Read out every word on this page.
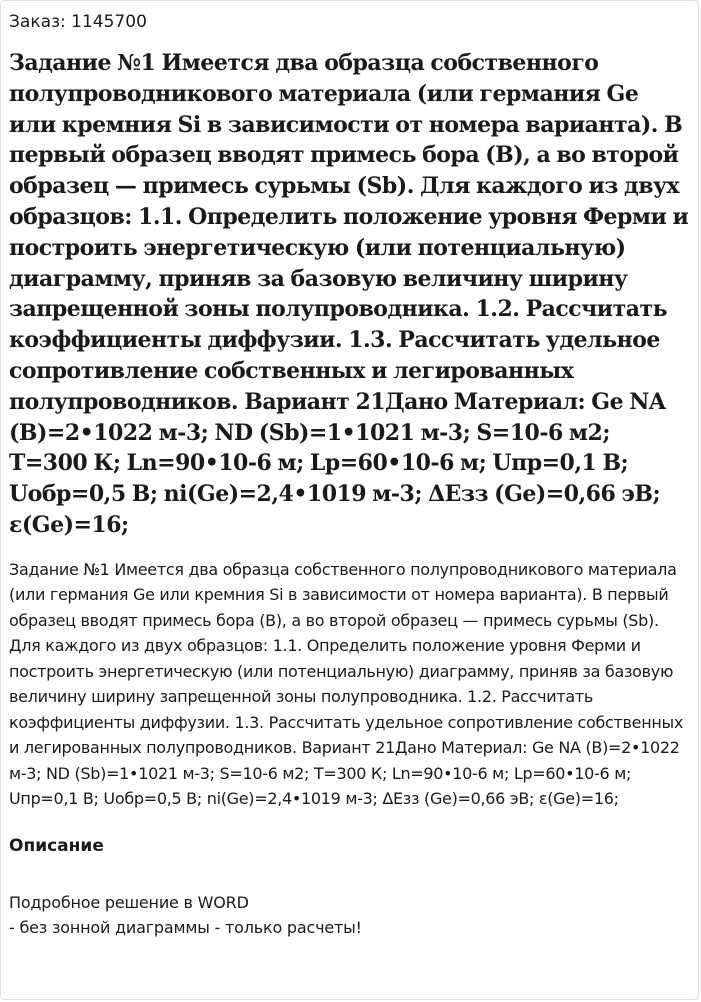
Заказ: 1145700
Задание №1 Имеется два образца собственного полупроводникового материала (или германия Ge или кремния Si в зависимости от номера варианта). В первый образец вводят примесь бора (B), а во второй образец — примесь сурьмы (Sb). Для каждого из двух образцов: 1.1. Определить положение уровня Ферми и построить энергетическую (или потенциальную) диаграмму, приняв за базовую величину ширину запрещенной зоны полупроводника. 1.2. Рассчитать коэффициенты диффузии. 1.3. Рассчитать удельное сопротивление собственных и легированных полупроводников. Вариант 21Дано Материал: Ge NA (B)=2•1022 м-3; ND (Sb)=1•1021 м-3; S=10-6 м2; T=300 К; Ln=90•10-6 м; Lp=60•10-6 м; Uпр=0,1 В; Uобр=0,5 В; ni(Ge)=2,4•1019 м-3; ΔEзз (Ge)=0,66 эВ; ε(Ge)=16;

Задание №1 Имеется два образца собственного полупроводникового материала (или германия Ge или кремния Si в зависимости от номера варианта). В первый образец вводят примесь бора (B), а во второй образец — примесь сурьмы (Sb). Для каждого из двух образцов: 1.1. Определить положение уровня Ферми и построить энергетическую (или потенциальную) диаграмму, приняв за базовую величину ширину запрещенной зоны полупроводника. 1.2. Рассчитать коэффициенты диффузии. 1.3. Рассчитать удельное сопротивление собственных и легированных полупроводников. Вариант 21Дано Материал: Ge NA (B)=2•1022 м-3; ND (Sb)=1•1021 м-3; S=10-6 м2; T=300 К; Ln=90•10-6 м; Lp=60•10-6 м; Uпр=0,1 В; Uобр=0,5 В; ni(Ge)=2,4•1019 м-3; ΔEзз (Ge)=0,66 эВ; ε(Ge)=16;

Описание

Подробное решение в WORD

- без зонной диаграммы - только расчеты!
